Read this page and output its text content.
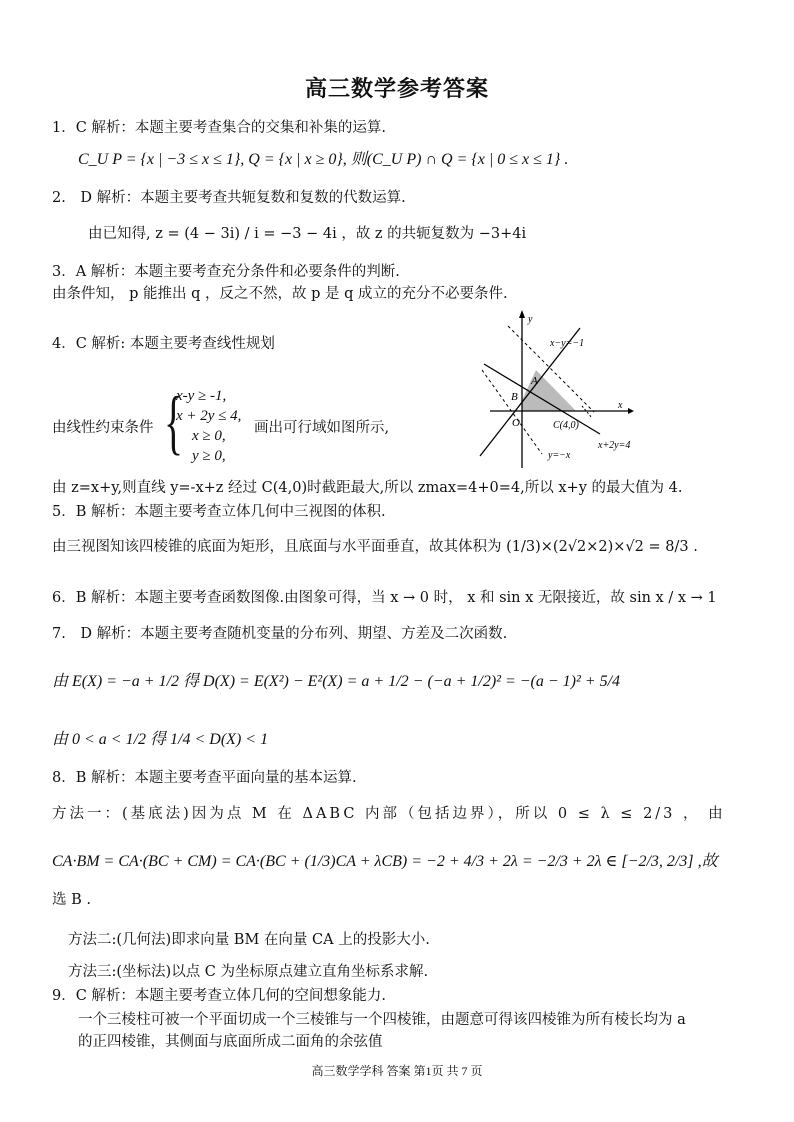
高三数学参考答案
1．C 解析：本题主要考查集合的交集和补集的运算.
C_U P = {x | −3 ≤ x ≤ 1}, Q = {x | x ≥ 0}, 则(C_U P) ∩ Q = {x | 0 ≤ x ≤ 1} .
2.　D 解析：本题主要考查共轭复数和复数的代数运算.
由已知得, z = (4 − 3i) / i = −3 − 4i ，故 z 的共轭复数为 −3+4i
3．A 解析：本题主要考查充分条件和必要条件的判断.
由条件知， p 能推出 q ，反之不然，故 p 是 q 成立的充分不必要条件.
4．C 解析: 本题主要考查线性规划
由线性约束条件 {
x-y ≥ -1,
x + 2y ≤ 4,
x ≥ 0,
y ≥ 0,
画出可行域如图所示,
y
x
O
A
B
C(4,0)
x−y=−1
x+2y=4
y=−x
由 z=x+y,则直线 y=-x+z 经过 C(4,0)时截距最大,所以 zmax=4+0=4,所以 x+y 的最大值为 4.
5．B 解析：本题主要考查立体几何中三视图的体积.
由三视图知该四棱锥的底面为矩形，且底面与水平面垂直，故其体积为 (1/3)×(2√2×2)×√2 = 8/3 .
6．B 解析：本题主要考查函数图像.由图象可得，当 x → 0 时， x 和 sin x 无限接近，故 sin x / x → 1
7.　D 解析：本题主要考查随机变量的分布列、期望、方差及二次函数.
由 E(X) = −a + 1/2 得 D(X) = E(X²) − E²(X) = a + 1/2 − (−a + 1/2)² = −(a − 1)² + 5/4
由 0 < a < 1/2 得 1/4 < D(X) < 1
8．B 解析：本题主要考查平面向量的基本运算.
方法一：(基底法)因为点 M 在 ΔABC 内部（包括边界），所以 0 ≤ λ ≤ 2/3 ， 由
CA·BM = CA·(BC + CM) = CA·(BC + (1/3)CA + λCB) = −2 + 4/3 + 2λ = −2/3 + 2λ ∈ [−2/3, 2/3] ,故
选 B .
方法二:(几何法)即求向量 BM 在向量 CA 上的投影大小.
方法三:(坐标法)以点 C 为坐标原点建立直角坐标系求解.
9．C 解析：本题主要考查立体几何的空间想象能力.
一个三棱柱可被一个平面切成一个三棱锥与一个四棱锥，由题意可得该四棱锥为所有棱长均为 a
的正四棱锥，其侧面与底面所成二面角的余弦值
高三数学学科 答案 第1页 共 7 页
